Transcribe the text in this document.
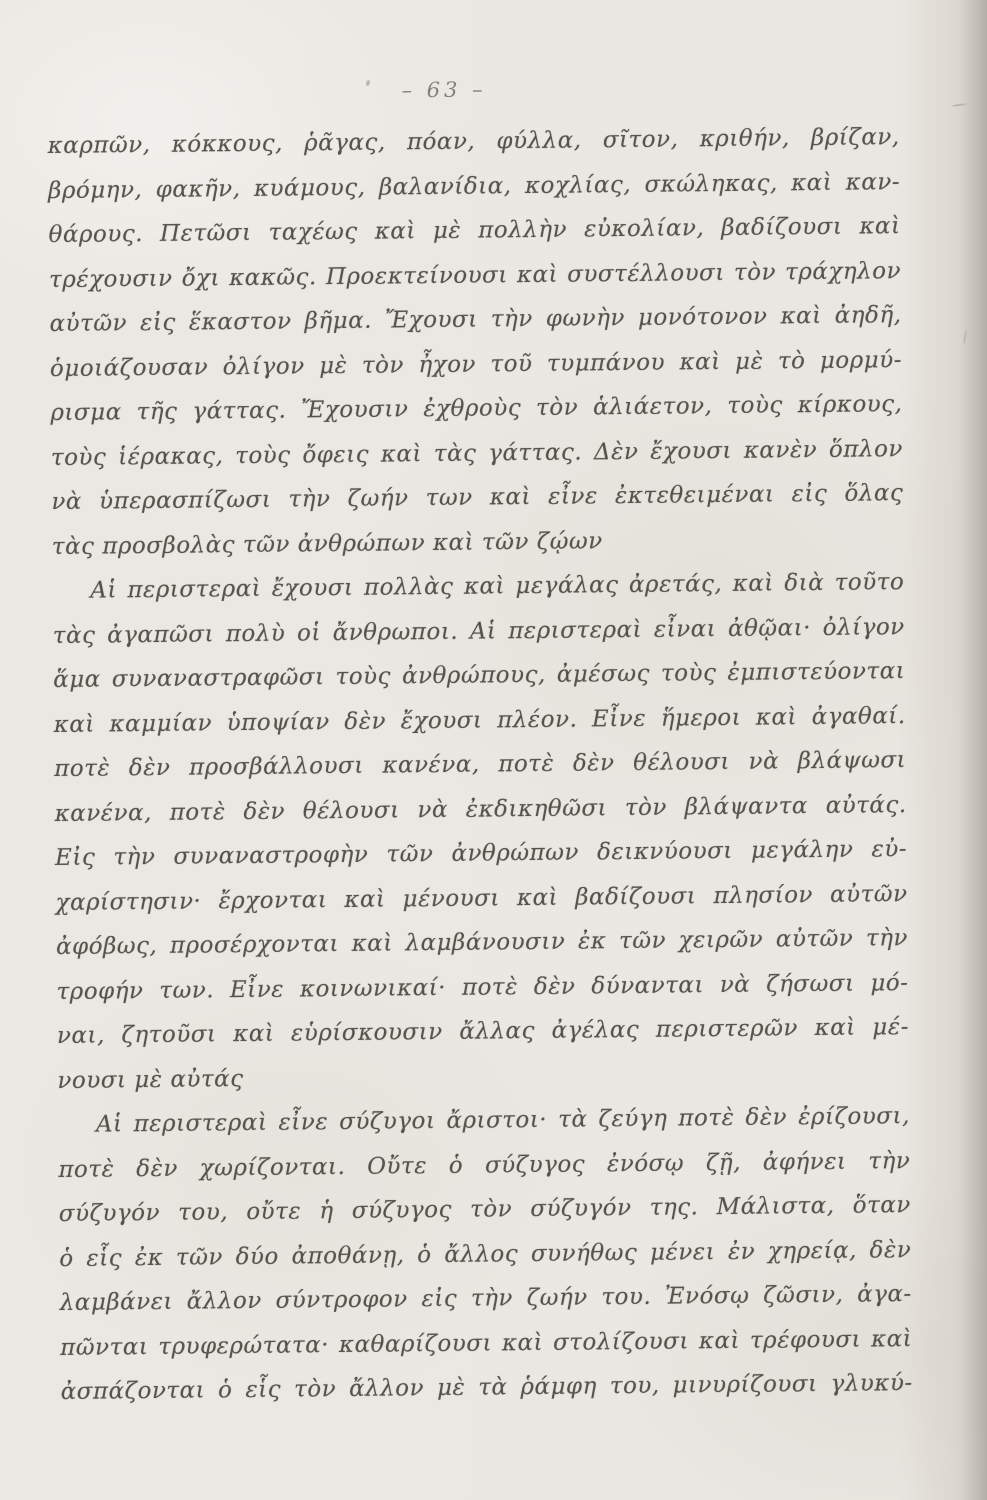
– 63 –
καρπῶν, κόκκους, ῥᾶγας, πόαν, φύλλα, σῖτον, κριθήν, βρίζαν,
βρόμην, φακῆν, κυάμους, βαλανίδια, κοχλίας, σκώληκας, καὶ καν-
θάρους. Πετῶσι ταχέως καὶ μὲ πολλὴν εὐκολίαν, βαδίζουσι καὶ
τρέχουσιν ὄχι κακῶς. Προεκτείνουσι καὶ συστέλλουσι τὸν τράχηλον
αὐτῶν εἰς ἕκαστον βῆμα. Ἔχουσι τὴν φωνὴν μονότονον καὶ ἀηδῆ,
ὁμοιάζουσαν ὀλίγον μὲ τὸν ἦχον τοῦ τυμπάνου καὶ μὲ τὸ μορμύ-
ρισμα τῆς γάττας. Ἔχουσιν ἐχθροὺς τὸν ἁλιάετον, τοὺς κίρκους,
τοὺς ἱέρακας, τοὺς ὄφεις καὶ τὰς γάττας. Δὲν ἔχουσι κανὲν ὅπλον
νὰ ὑπερασπίζωσι τὴν ζωήν των καὶ εἶνε ἐκτεθειμέναι εἰς ὅλας
τὰς προσβολὰς τῶν ἀνθρώπων καὶ τῶν ζῴων
Αἱ περιστεραὶ ἔχουσι πολλὰς καὶ μεγάλας ἀρετάς, καὶ διὰ τοῦτο
τὰς ἀγαπῶσι πολὺ οἱ ἄνθρωποι. Αἱ περιστεραὶ εἶναι ἀθῷαι· ὀλίγον
ἅμα συναναστραφῶσι τοὺς ἀνθρώπους, ἀμέσως τοὺς ἐμπιστεύονται
καὶ καμμίαν ὑποψίαν δὲν ἔχουσι πλέον. Εἶνε ἥμεροι καὶ ἀγαθαί.
ποτὲ δὲν προσβάλλουσι κανένα, ποτὲ δὲν θέλουσι νὰ βλάψωσι
κανένα, ποτὲ δὲν θέλουσι νὰ ἐκδικηθῶσι τὸν βλάψαντα αὐτάς.
Εἰς τὴν συναναστροφὴν τῶν ἀνθρώπων δεικνύουσι μεγάλην εὐ-
χαρίστησιν· ἔρχονται καὶ μένουσι καὶ βαδίζουσι πλησίον αὐτῶν
ἀφόβως, προσέρχονται καὶ λαμβάνουσιν ἐκ τῶν χειρῶν αὐτῶν τὴν
τροφήν των. Εἶνε κοινωνικαί· ποτὲ δὲν δύνανται νὰ ζήσωσι μό-
ναι, ζητοῦσι καὶ εὑρίσκουσιν ἄλλας ἀγέλας περιστερῶν καὶ μέ-
νουσι μὲ αὐτάς
Αἱ περιστεραὶ εἶνε σύζυγοι ἄριστοι· τὰ ζεύγη ποτὲ δὲν ἐρίζουσι,
ποτὲ δὲν χωρίζονται. Οὔτε ὁ σύζυγος ἐνόσῳ ζῇ, ἀφήνει τὴν
σύζυγόν του, οὔτε ἡ σύζυγος τὸν σύζυγόν της. Μάλιστα, ὅταν
ὁ εἷς ἐκ τῶν δύο ἀποθάνῃ, ὁ ἄλλος συνήθως μένει ἐν χηρείᾳ, δὲν
λαμβάνει ἄλλον σύντροφον εἰς τὴν ζωήν του. Ἐνόσῳ ζῶσιν, ἀγα-
πῶνται τρυφερώτατα· καθαρίζουσι καὶ στολίζουσι καὶ τρέφουσι καὶ
ἀσπάζονται ὁ εἷς τὸν ἄλλον μὲ τὰ ῥάμφη του, μινυρίζουσι γλυκύ-
